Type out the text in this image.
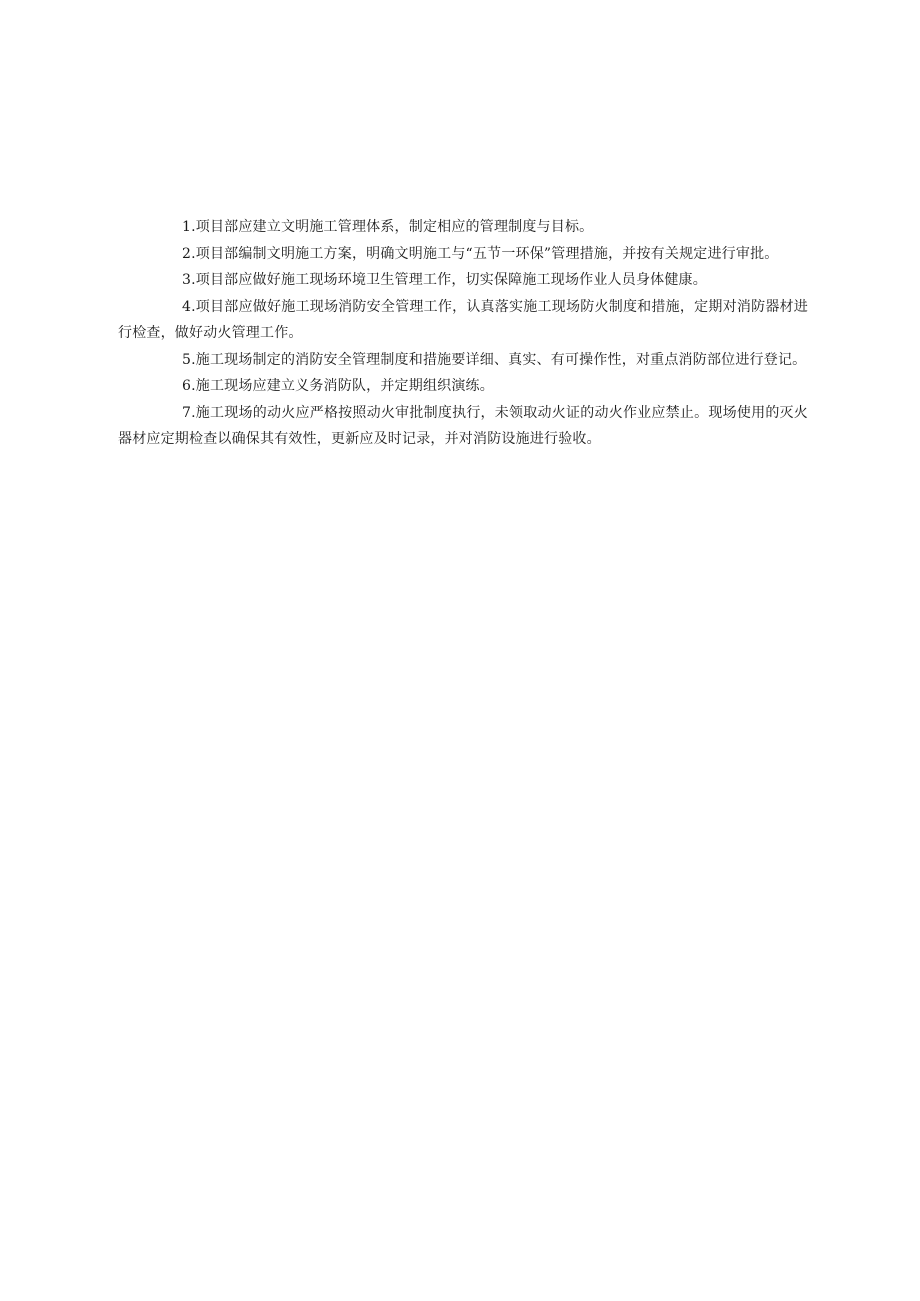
1.项目部应建立文明施工管理体系，制定相应的管理制度与目标。

2.项目部编制文明施工方案，明确文明施工与“五节一环保”管理措施，并按有关规定进行审批。

3.项目部应做好施工现场环境卫生管理工作，切实保障施工现场作业人员身体健康。

4.项目部应做好施工现场消防安全管理工作，认真落实施工现场防火制度和措施，定期对消防器材进行检查，做好动火管理工作。

5.施工现场制定的消防安全管理制度和措施要详细、真实、有可操作性，对重点消防部位进行登记。

6.施工现场应建立义务消防队，并定期组织演练。

7.施工现场的动火应严格按照动火审批制度执行，未领取动火证的动火作业应禁止。现场使用的灭火器材应定期检查以确保其有效性，更新应及时记录，并对消防设施进行验收。
